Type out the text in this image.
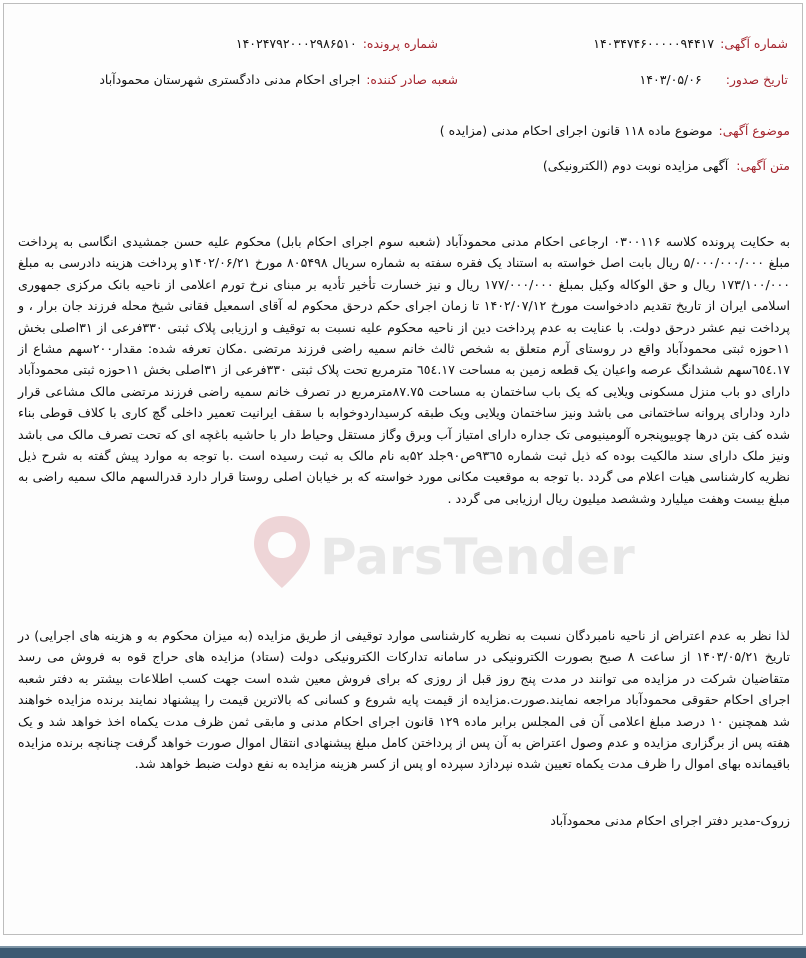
شماره آگهی:۱۴۰۳۴۷۴۶۰۰۰۰۰۹۴۴۱۷
شماره پرونده:۱۴۰۲۴۷۹۲۰۰۰۲۹۸۶۵۱۰
تاریخ صدور:۱۴۰۳/۰۵/۰۶
شعبه صادر کننده:اجرای احکام مدنی دادگستری شهرستان محمودآباد
موضوع آگهی:موضوع ماده ۱۱۸ قانون اجرای احکام مدنی (مزایده )
متن آگهی:آگهی مزایده نوبت دوم (الکترونیکی)
به حکایت پرونده کلاسه ۰۳۰۰۱۱۶ ارجاعی احکام مدنی محمودآباد (شعبه سوم اجرای احکام بابل) محکوم علیه حسن جمشیدی انگاسی به پرداخت مبلغ ۵/۰۰۰/۰۰۰/۰۰۰ ریال بابت اصل خواسته به استناد یک فقره سفته به شماره سریال ۸۰۵۴۹۸ مورخ ۱۴۰۲/۰۶/۲۱و پرداخت هزینه دادرسی به مبلغ ۱۷۳/۱۰۰/۰۰۰ ریال و حق الوکاله وکیل بمبلغ ۱۷۷/۰۰۰/۰۰۰ ریال و نیز خسارت تأخیر تأدیه بر مبنای نرخ تورم اعلامی از ناحیه بانک مرکزی جمهوری اسلامی ایران از تاریخ تقدیم دادخواست مورخ ۱۴۰۲/۰۷/۱۲ تا زمان اجرای حکم درحق محکوم له آقای اسمعیل فقانی شیخ محله فرزند جان برار ، و پرداخت نیم عشر درحق دولت. با عنایت به عدم پرداخت دین از ناحیه محکوم علیه نسبت به توقیف و ارزیابی پلاک ثبتی ۳۳۰فرعی از ۳۱اصلی بخش ۱۱حوزه ثبتی محمودآباد واقع در روستای آرم متعلق به شخص ثالث خانم سمیه راضی فرزند مرتضی .مکان تعرفه شده: مقدار۲۰۰سهم مشاع از ٦٥٤.۱۷سهم ششدانگ عرصه واعیان یک قطعه زمین به مساحت ٦٥٤.۱۷ مترمربع تحت پلاک ثبتی ۳۳۰فرعی از ۳۱اصلی بخش ۱۱حوزه ثبتی محمودآباد دارای دو باب منزل مسکونی ویلایی که یک باب ساختمان به مساحت ۸۷.۷۵مترمربع در تصرف خانم سمیه راضی فرزند مرتضی مالک مشاعی قرار دارد ودارای پروانه ساختمانی می باشد ونیز ساختمان ویلایی ویک طبقه کرسیداردوخوابه با سقف ایرانیت تعمیر داخلی گچ کاری با کلاف قوطی بناء شده کف بتن درها چوبیوپنجره آلومینیومی تک جداره دارای امتیاز آب وبرق وگاز مستقل وحیاط دار با حاشیه باغچه ای که تحت تصرف مالک می باشد ونیز ملک دارای سند مالکیت بوده که ذیل ثبت شماره ۹۳٦٥ص۹۰جلد ۵۲به نام مالک به ثبت رسیده است .با توجه به موارد پیش گفته به شرح ذیل نظریه کارشناسی هیات اعلام می گردد .با توجه به موقعیت مکانی مورد خواسته که بر خیابان اصلی روستا قرار دارد قدرالسهم مالک سمیه راضی به مبلغ بیست وهفت میلیارد وششصد میلیون ریال ارزیابی می گردد .
لذا نظر به عدم اعتراض از ناحیه نامبردگان نسبت به نظریه کارشناسی موارد توقیفی از طریق مزایده (به میزان محکوم به و هزینه های اجرایی) در تاریخ ۱۴۰۳/۰۵/۲۱ از ساعت ۸ صبح بصورت الکترونیکی در سامانه تدارکات الکترونیکی دولت (ستاد) مزایده های حراج قوه به فروش می رسد متقاضیان شرکت در مزایده می توانند در مدت پنج روز قبل از روزی که برای فروش معین شده است جهت کسب اطلاعات بیشتر به دفتر شعبه اجرای احکام حقوقی محمودآباد مراجعه نمایند.صورت.مزایده از قیمت پایه شروع و کسانی که بالاترین قیمت را پیشنهاد نمایند برنده مزایده خواهند شد همچنین ۱۰ درصد مبلغ اعلامی آن فی المجلس برابر ماده ۱۲۹ قانون اجرای احکام مدنی و مابقی ثمن ظرف مدت یکماه اخذ خواهد شد و یک هفته پس از برگزاری مزایده و عدم وصول اعتراض به آن پس از پرداختن کامل مبلغ پیشنهادی انتقال اموال صورت خواهد گرفت چنانچه برنده مزایده باقیمانده بهای اموال را ظرف مدت یکماه تعیین شده نپردازد سپرده او پس از کسر هزینه مزایده به نفع دولت ضبط خواهد شد.
زروک-مدیر دفتر اجرای احکام مدنی محمودآباد
